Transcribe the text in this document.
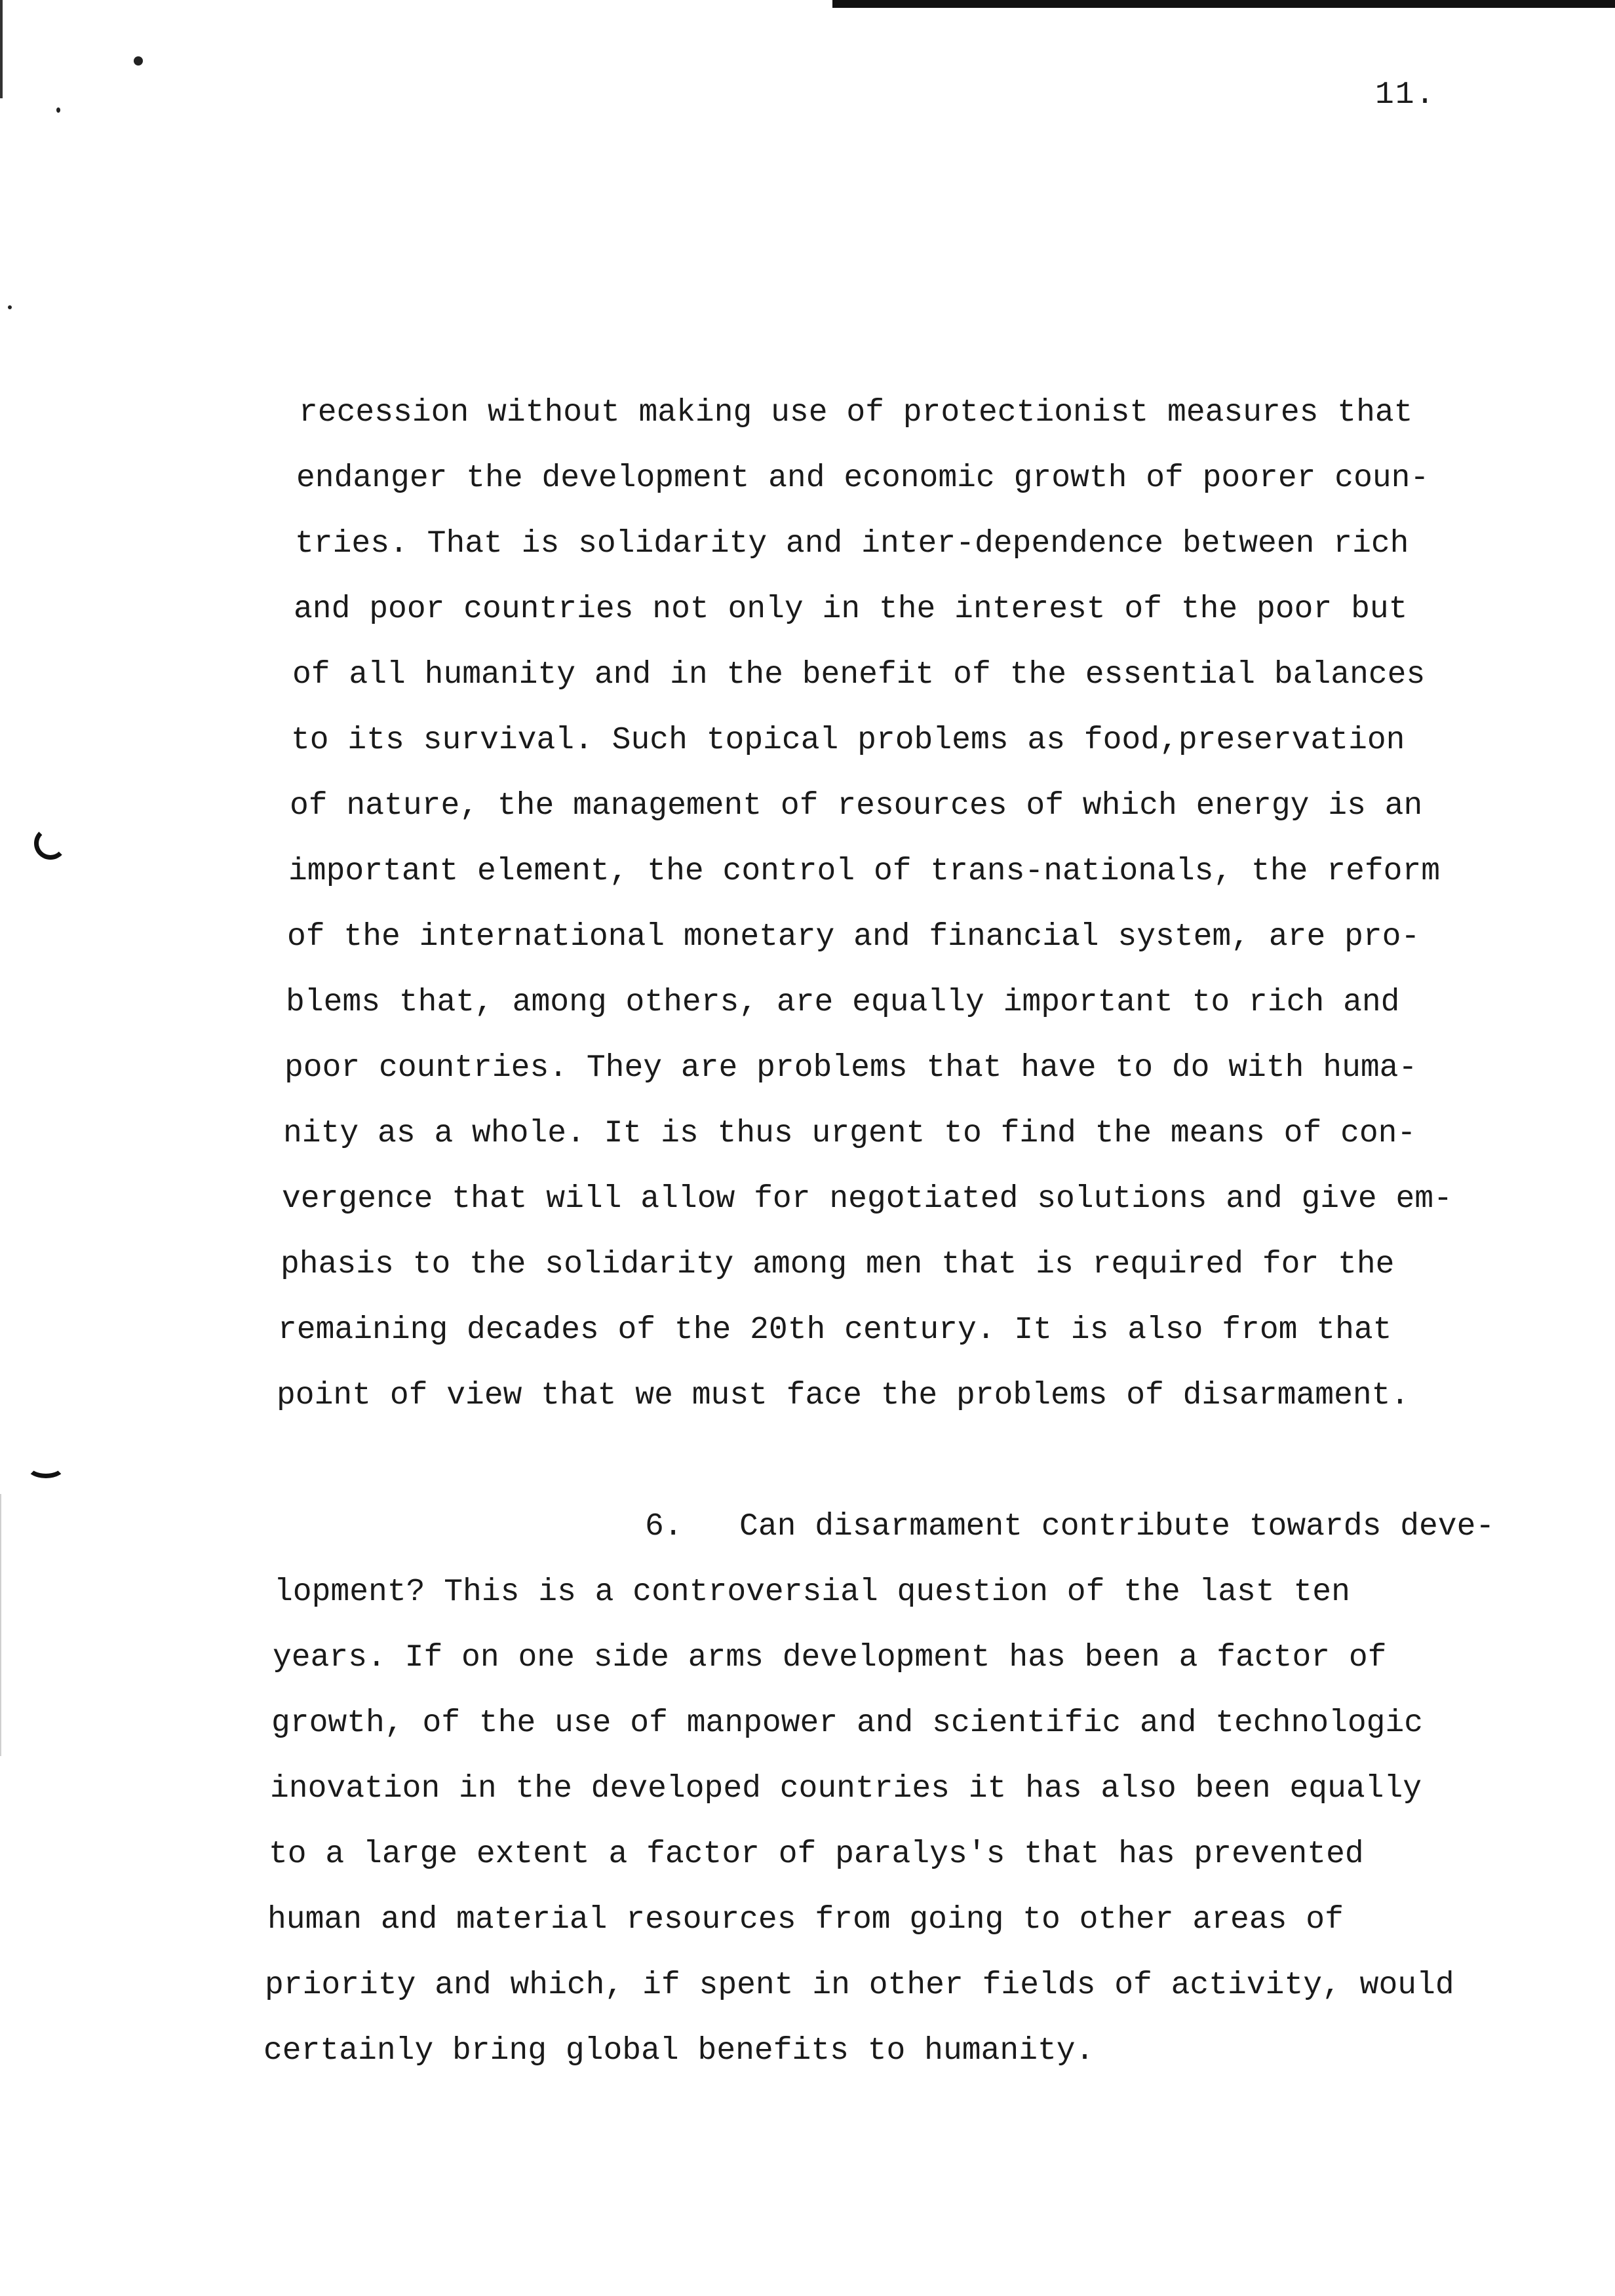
11.
recession without making use of protectionist measures that
endanger the development and economic growth of poorer coun-
tries. That is solidarity and inter-dependence between rich
and poor countries not only in the interest of the poor but
of all humanity and in the benefit of the essential balances
to its survival. Such topical problems as food,preservation
of nature, the management of resources of which energy is an
important element, the control of trans-nationals, the reform
of the international monetary and financial system, are pro-
blems that, among others, are equally important to rich and
poor countries. They are problems that have to do with huma-
nity as a whole. It is thus urgent to find the means of con-
vergence that will allow for negotiated solutions and give em-
phasis to the solidarity among men that is required for the
remaining decades of the 20th century. It is also from that
point of view that we must face the problems of disarmament.
6.   Can disarmament contribute towards deve-
lopment? This is a controversial question of the last ten
years. If on one side arms development has been a factor of
growth, of the use of manpower and scientific and technologic
inovation in the developed countries it has also been equally
to a large extent a factor of paralys's that has prevented
human and material resources from going to other areas of
priority and which, if spent in other fields of activity, would
certainly bring global benefits to humanity.
